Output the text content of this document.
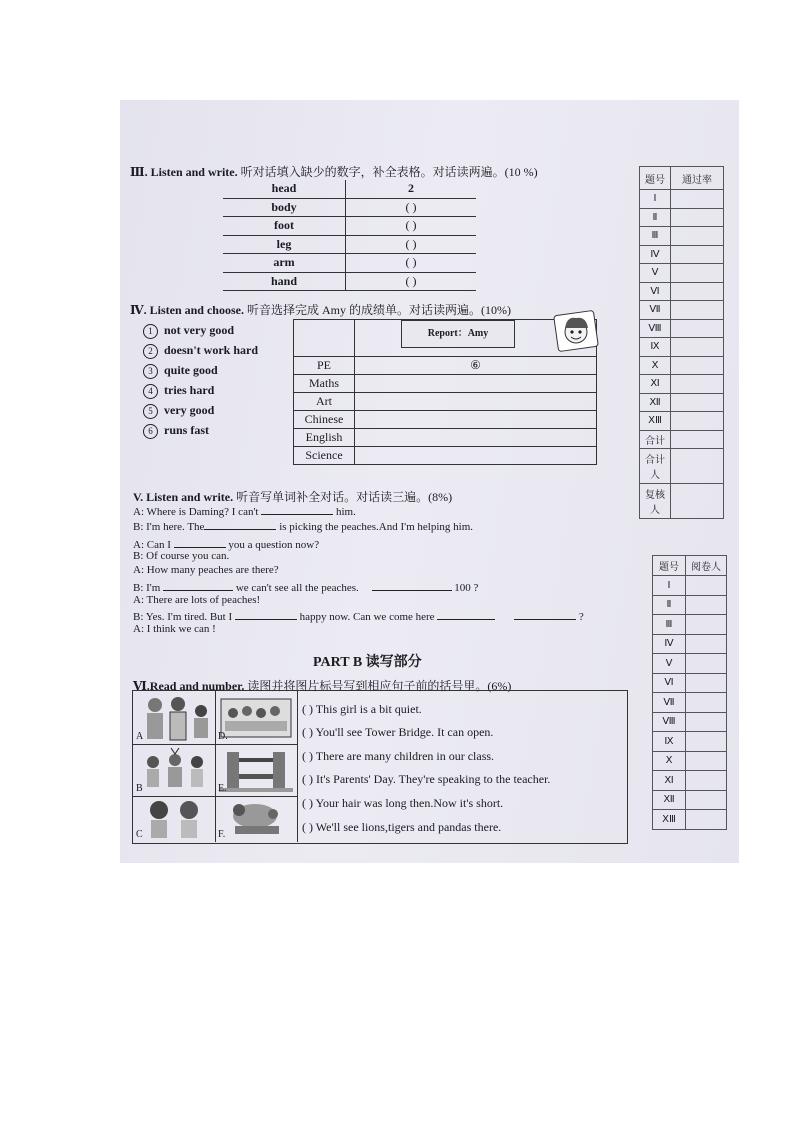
Ⅲ. Listen and write. 听对话填入缺少的数字，补全表格。对话读两遍。(10 %)
head	2
body	( )
foot	( )
leg	( )
arm	( )
hand	( )
Ⅳ. Listen and choose. 听音选择完成 Amy 的成绩单。对话读两遍。(10%)
1 not very good
2 doesn't work hard
3 quite good
4 tries hard
5 very good
6 runs fast

PE	⑥
Maths	
Art	
Chinese	
English	
Science	
Report：Amy
V. Listen and write. 听音写单词补全对话。对话读三遍。(8%)
A: Where is Daming? I can't	him.
B: I'm here. The	is picking the peaches.And I'm helping him.
A: Can I	you a question now?
B: Of course you can.
A: How many peaches are there?
B: I'm	we can't see all the peaches.	100 ?
A: There are lots of peaches!
B: Yes. I'm tired. But I	happy now. Can we come here	?
A: I think we can !
PART B 读写部分
Ⅵ.Read and number. 读图并将图片标号写到相应句子前的括号里。(6%)
A	D.
B	E.
C	F.
( ) This girl is a bit quiet.
( ) You'll see Tower Bridge. It can open.
( ) There are many children in our class.
( ) It's Parents' Day. They're speaking to the teacher.
( ) Your hair was long then.Now it's short.
( ) We'll see lions,tigers and pandas there.
题号	通过率
Ⅰ	
Ⅱ	
Ⅲ	
Ⅳ	
Ⅴ	
Ⅵ	
Ⅶ	
Ⅷ	
Ⅸ	
Ⅹ	
Ⅺ	
Ⅻ	
ⅩⅢ	
合计	
合计
人	
复核
人	
题号	阅卷人
Ⅰ	
Ⅱ	
Ⅲ	
Ⅳ	
Ⅴ	
Ⅵ	
Ⅶ	
Ⅷ	
Ⅸ	
Ⅹ	
Ⅺ	
Ⅻ	
ⅩⅢ	
